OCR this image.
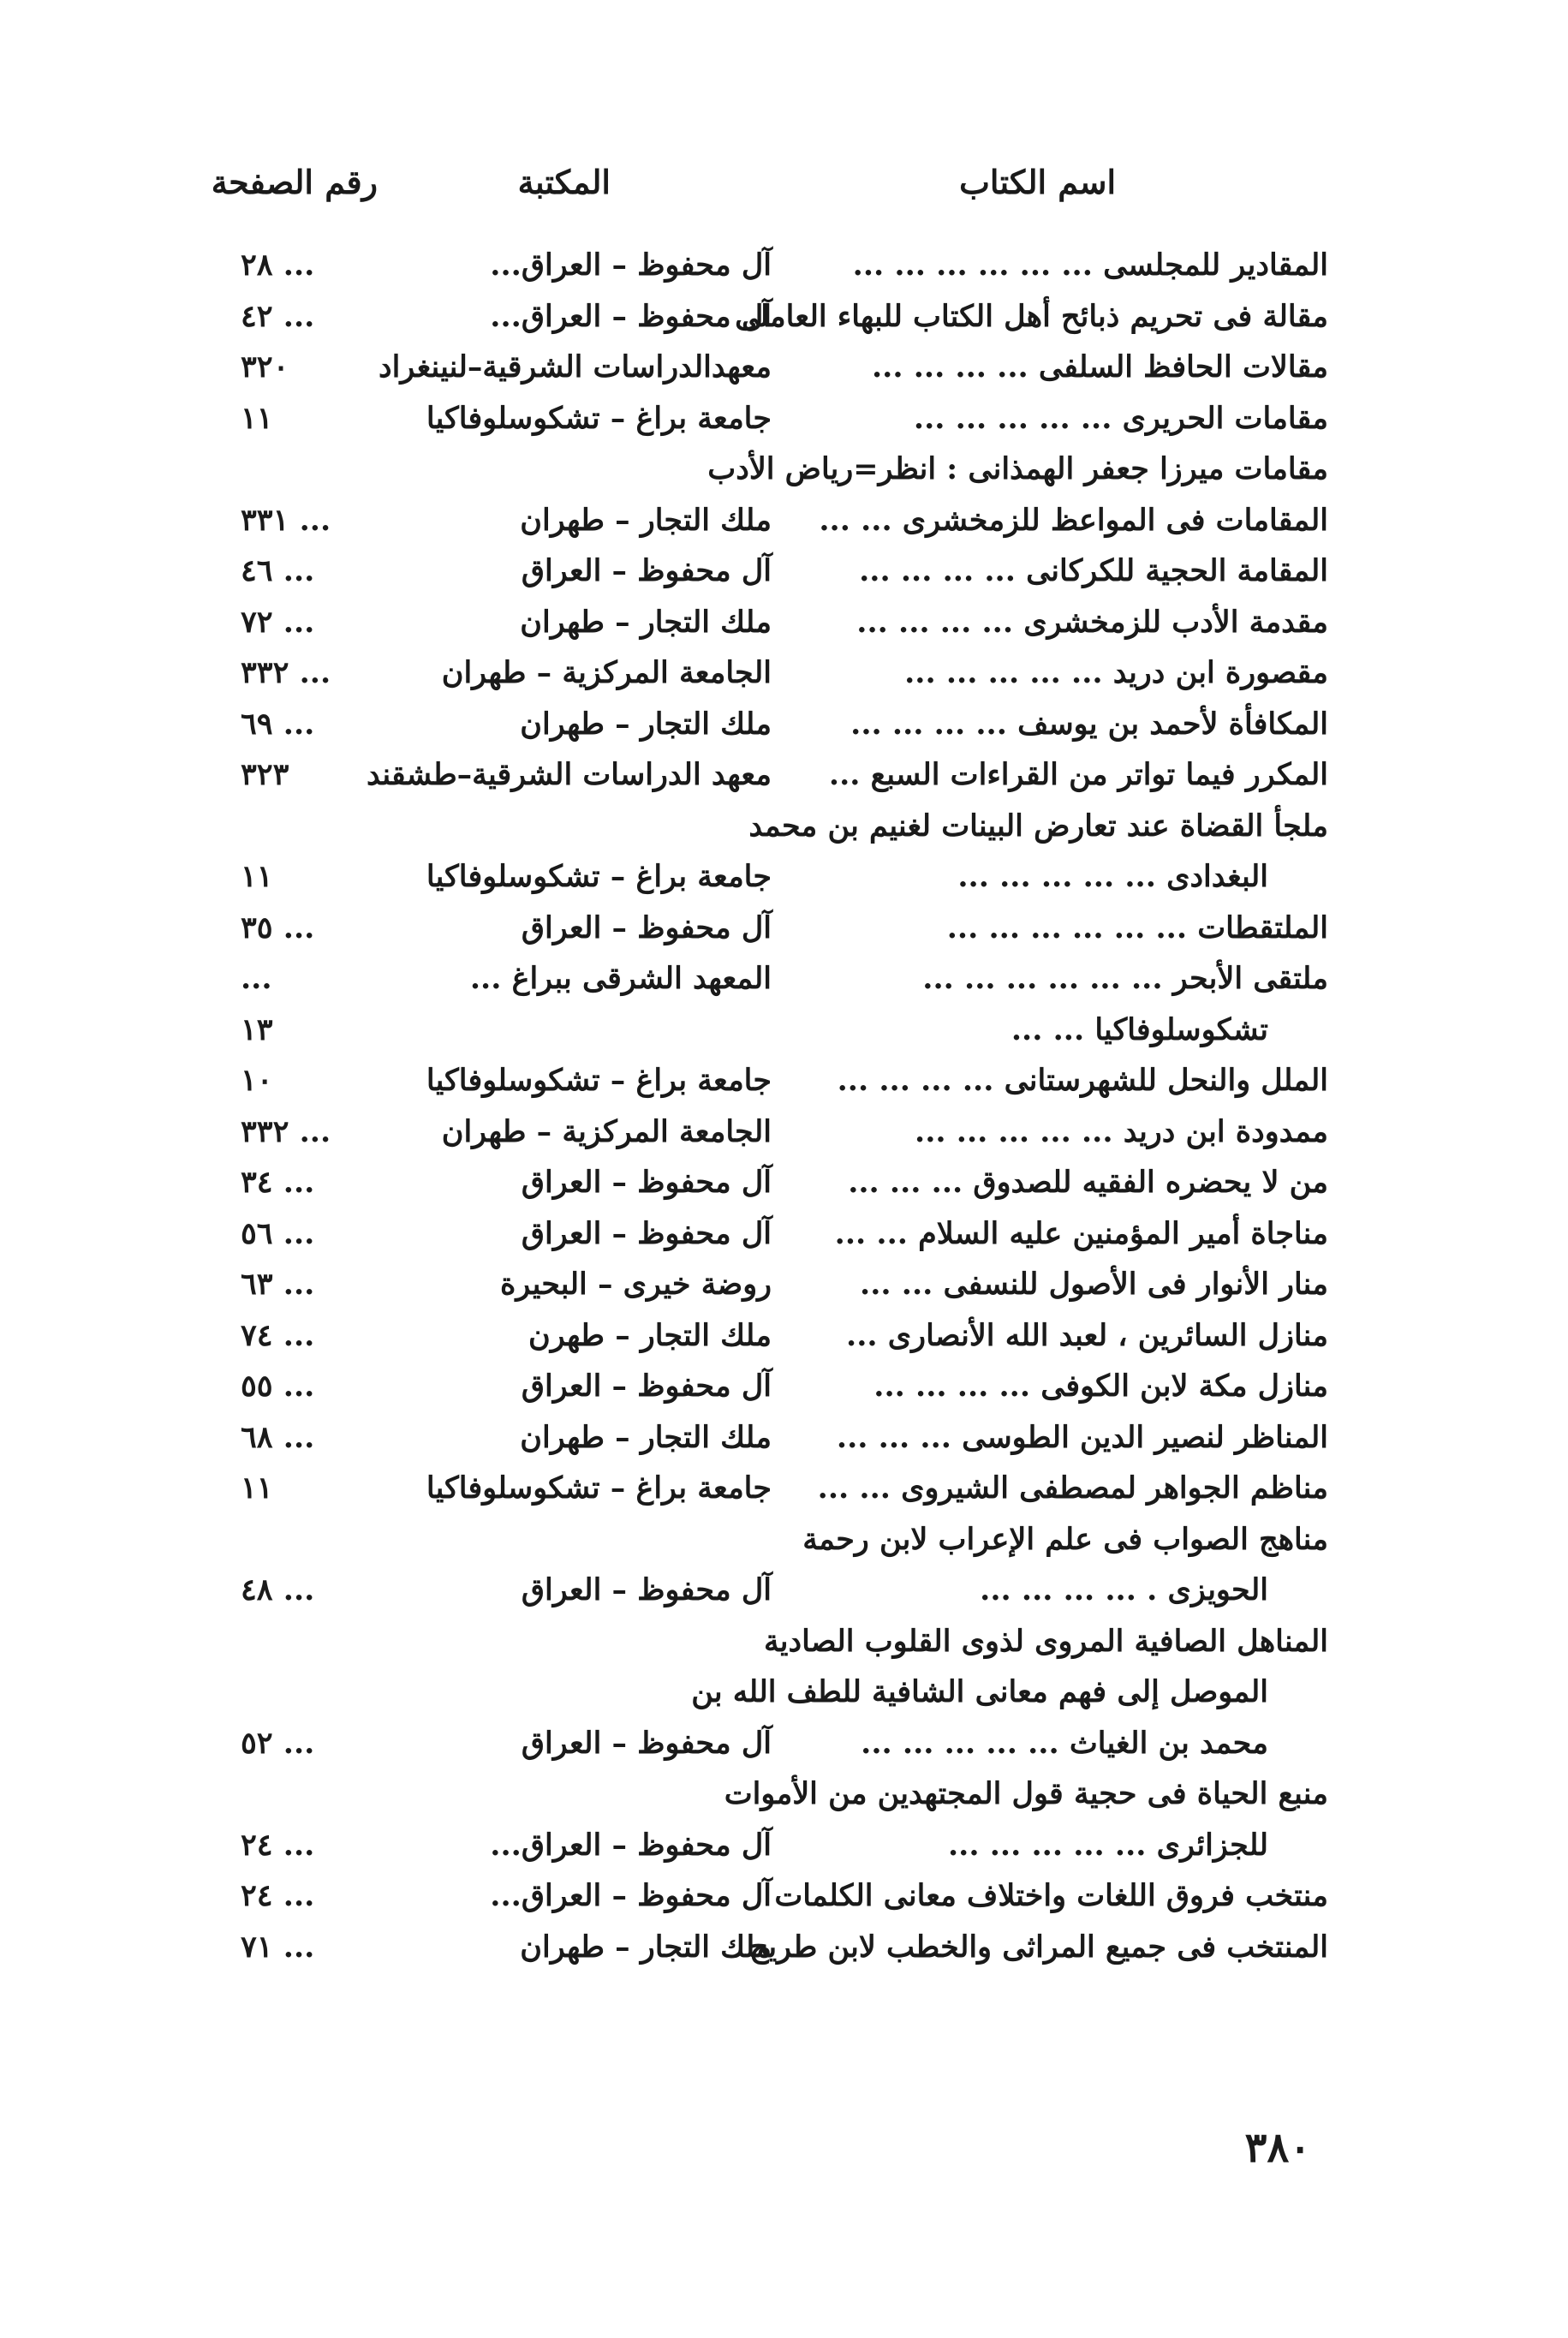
اسم الكتاب
المكتبة
رقم الصفحة
المقادير للمجلسى ... ... ... ... ... ...
آل محفوظ – العراق...
... ٢٨
مقالة فى تحريم ذبائح أهل الكتاب للبهاء العاملى
آل محفوظ – العراق...
... ٤٢
مقالات الحافظ السلفى ... ... ... ...
معهدالدراسات الشرقية–لنينغراد
٣٢٠
مقامات الحريرى ... ... ... ... ...
جامعة براغ – تشكوسلوفاكيا
١١
مقامات ميرزا جعفر الهمذانى : انظر=رياض الأدب
المقامات فى المواعظ للزمخشرى ... ...
ملك التجار – طهران
... ٣٣١
المقامة الحجية للكركانى ... ... ... ...
آل محفوظ – العراق
... ٤٦
مقدمة الأدب للزمخشرى ... ... ... ...
ملك التجار – طهران
... ٧٢
مقصورة ابن دريد ... ... ... ... ...
الجامعة المركزية – طهران
... ٣٣٢
المكافأة لأحمد بن يوسف ... ... ... ...
ملك التجار – طهران
... ٦٩
المكرر فيما تواتر من القراءات السبع ...
معهد الدراسات الشرقية–طشقند
٣٢٣
ملجأ القضاة عند تعارض البينات لغنيم بن محمد
البغدادى ... ... ... ... ...
جامعة براغ – تشكوسلوفاكيا
١١
الملتقطات ... ... ... ... ... ...
آل محفوظ – العراق
... ٣٥
ملتقى الأبحر ... ... ... ... ... ...
المعهد الشرقى ببراغ ...
...
تشكوسلوفاكيا ... ...
١٣
الملل والنحل للشهرستانى ... ... ... ...
جامعة براغ – تشكوسلوفاكيا
١٠
ممدودة ابن دريد ... ... ... ... ...
الجامعة المركزية – طهران
... ٣٣٢
من لا يحضره الفقيه للصدوق ... ... ...
آل محفوظ – العراق
... ٣٤
مناجاة أمير المؤمنين عليه السلام ... ...
آل محفوظ – العراق
... ٥٦
منار الأنوار فى الأصول للنسفى ... ...
روضة خيرى – البحيرة
... ٦٣
منازل السائرين ، لعبد الله الأنصارى ...
ملك التجار – طهرن
... ٧٤
منازل مكة لابن الكوفى ... ... ... ...
آل محفوظ – العراق
... ٥٥
المناظر لنصير الدين الطوسى ... ... ...
ملك التجار – طهران
... ٦٨
مناظم الجواهر لمصطفى الشيروى ... ...
جامعة براغ – تشكوسلوفاكيا
١١
مناهج الصواب فى علم الإعراب لابن رحمة
الحويزى . ... ... ... ...
آل محفوظ – العراق
... ٤٨
المناهل الصافية المروى لذوى القلوب الصادية
الموصل إلى فهم معانى الشافية للطف الله بن
محمد بن الغياث ... ... ... ... ...
آل محفوظ – العراق
... ٥٢
منبع الحياة فى حجية قول المجتهدين من الأموات
للجزائرى ... ... ... ... ...
آل محفوظ – العراق...
... ٢٤
منتخب فروق اللغات واختلاف معانى الكلمات
آل محفوظ – العراق...
... ٢٤
المنتخب فى جميع المراثى والخطب لابن طريح
ملك التجار – طهران
... ٧١
٣٨٠
